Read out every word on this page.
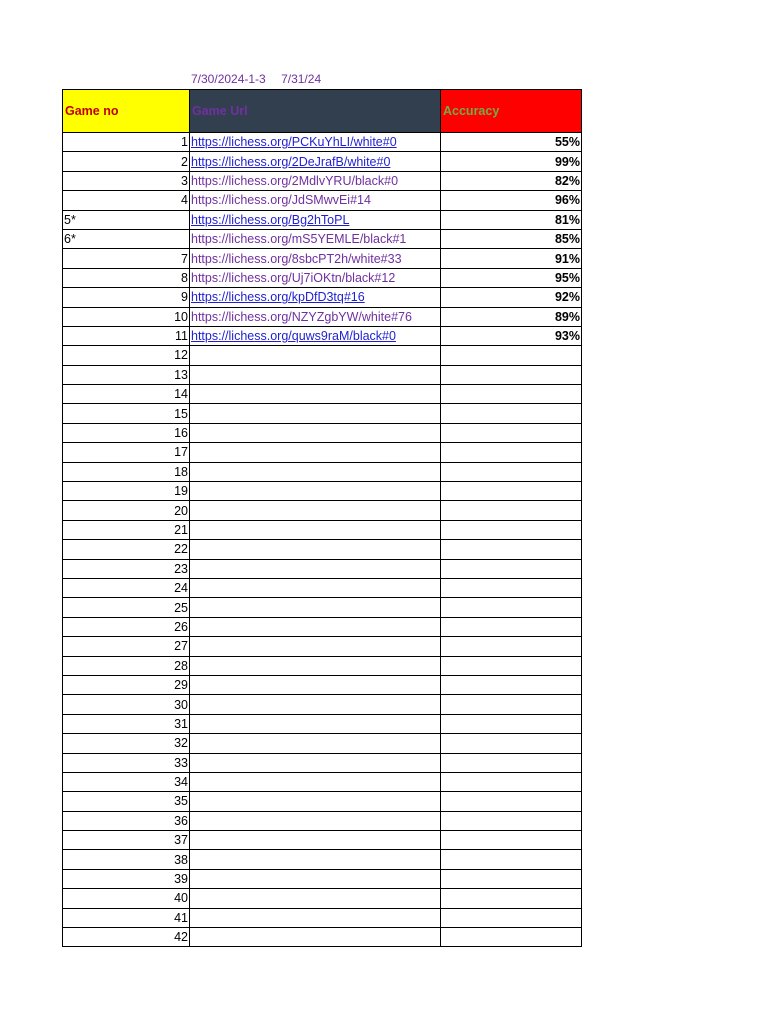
7/30/2024-1-3 7/31/24
Game no	Game Url	Accuracy
1	https://lichess.org/PCKuYhLI/white#0	55%
2	https://lichess.org/2DeJrafB/white#0	99%
3	https://lichess.org/2MdlvYRU/black#0	82%
4	https://lichess.org/JdSMwvEi#14	96%
5*	https://lichess.org/Bg2hToPL	81%
6*	https://lichess.org/mS5YEMLE/black#1	85%
7	https://lichess.org/8sbcPT2h/white#33	91%
8	https://lichess.org/Uj7iOKtn/black#12	95%
9	https://lichess.org/kpDfD3tq#16	92%
10	https://lichess.org/NZYZgbYW/white#76	89%
11	https://lichess.org/quws9raM/black#0	93%
12		
13		
14		
15		
16		
17		
18		
19		
20		
21		
22		
23		
24		
25		
26		
27		
28		
29		
30		
31		
32		
33		
34		
35		
36		
37		
38		
39		
40		
41		
42		
